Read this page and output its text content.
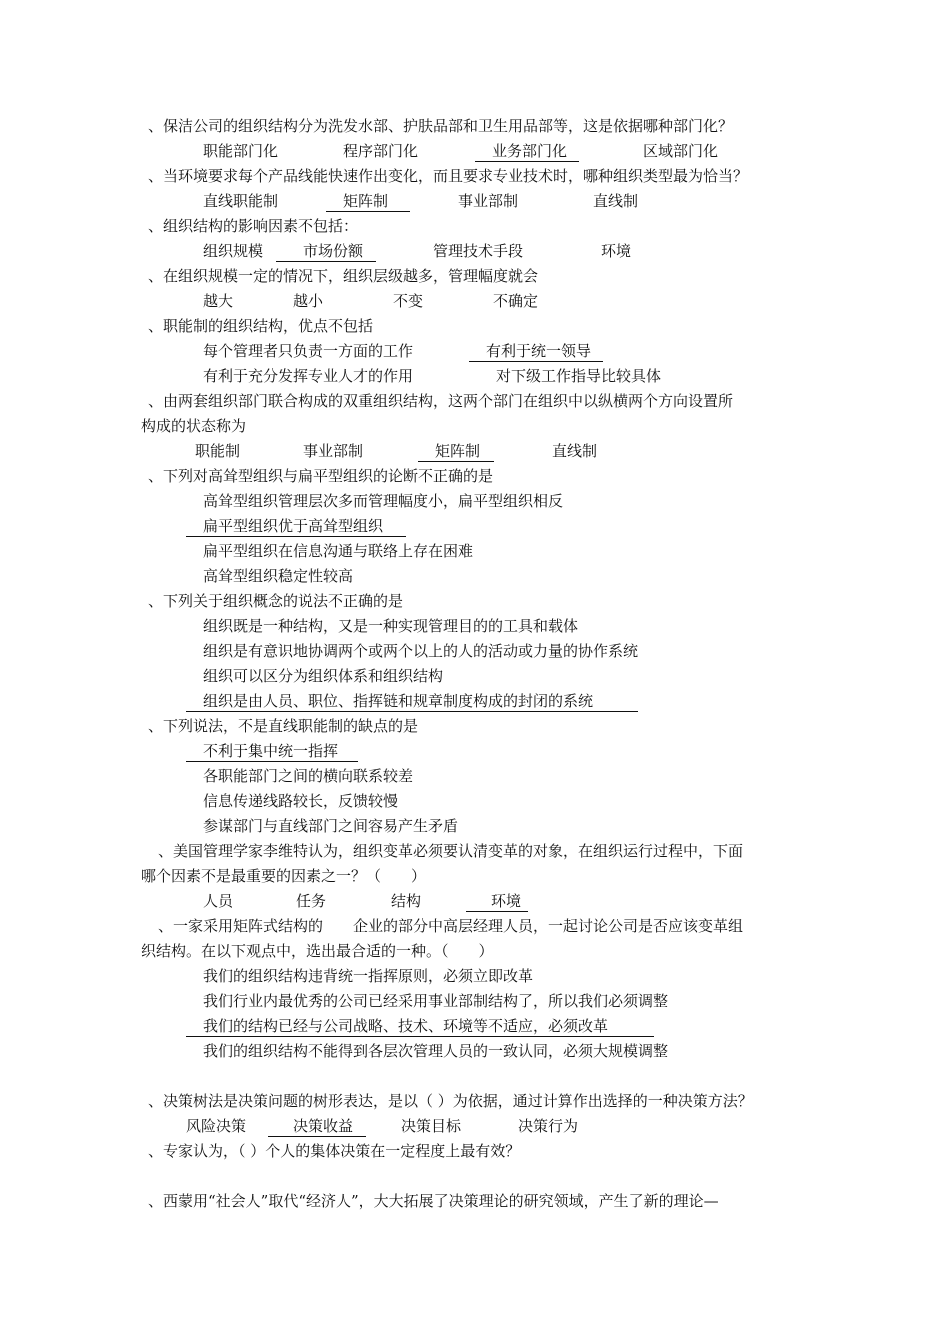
、保洁公司的组织结构分为洗发水部、护肤品部和卫生用品部等，这是依据哪种部门化？
职能部门化	程序部门化	业务部门化	区域部门化
、当环境要求每个产品线能快速作出变化，而且要求专业技术时，哪种组织类型最为恰当？
直线职能制	矩阵制	事业部制	直线制
、组织结构的影响因素不包括：
组织规模	市场份额	管理技术手段	环境
、在组织规模一定的情况下，组织层级越多，管理幅度就会
越大	越小	不变	不确定
、职能制的组织结构，优点不包括
每个管理者只负责一方面的工作	有利于统一领导
有利于充分发挥专业人才的作用	对下级工作指导比较具体
、由两套组织部门联合构成的双重组织结构，这两个部门在组织中以纵横两个方向设置所
构成的状态称为
职能制	事业部制	矩阵制	直线制
、下列对高耸型组织与扁平型组织的论断不正确的是
高耸型组织管理层次多而管理幅度小，扁平型组织相反
扁平型组织优于高耸型组织
扁平型组织在信息沟通与联络上存在困难
高耸型组织稳定性较高
、下列关于组织概念的说法不正确的是
组织既是一种结构，又是一种实现管理目的的工具和载体
组织是有意识地协调两个或两个以上的人的活动或力量的协作系统
组织可以区分为组织体系和组织结构
组织是由人员、职位、指挥链和规章制度构成的封闭的系统
、下列说法，不是直线职能制的缺点的是
不利于集中统一指挥
各职能部门之间的横向联系较差
信息传递线路较长，反馈较慢
参谋部门与直线部门之间容易产生矛盾
、美国管理学家李维特认为，组织变革必须要认清变革的对象，在组织运行过程中，下面
哪个因素不是最重要的因素之一？（　　）
人员	任务	结构	环境
、一家采用矩阵式结构的　　企业的部分中高层经理人员，一起讨论公司是否应该变革组
织结构。在以下观点中，选出最合适的一种。（　　）
我们的组织结构违背统一指挥原则，必须立即改革
我们行业内最优秀的公司已经采用事业部制结构了，所以我们必须调整
我们的结构已经与公司战略、技术、环境等不适应，必须改革
我们的组织结构不能得到各层次管理人员的一致认同，必须大规模调整
、决策树法是决策问题的树形表达，是以（ ）为依据，通过计算作出选择的一种决策方法？
风险决策	决策收益	决策目标	决策行为
、专家认为，（ ）个人的集体决策在一定程度上最有效？
、西蒙用“社会人”取代“经济人”，大大拓展了决策理论的研究领域，产生了新的理论—
